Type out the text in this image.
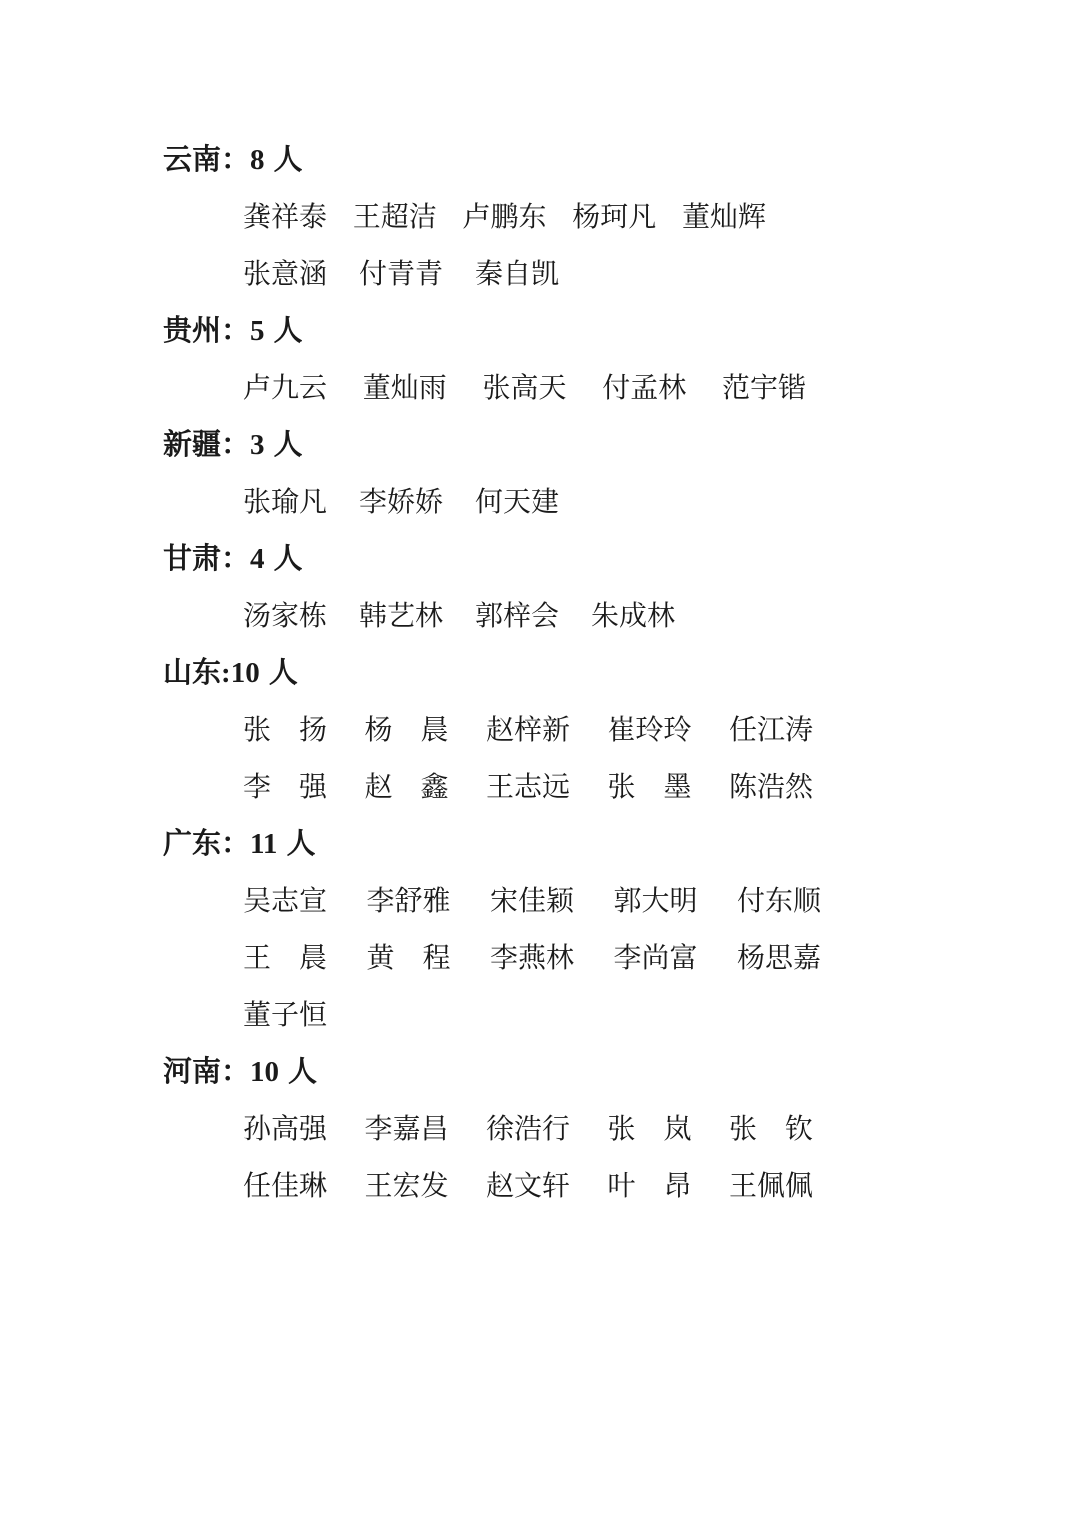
云南：8 人
龚祥泰 王超洁 卢鹏东 杨珂凡 董灿辉
张意涵 付青青 秦自凯
贵州：5 人
卢九云 董灿雨 张高天 付孟林 范宇锴
新疆：3 人
张瑜凡 李娇娇 何天建
甘肃：4 人
汤家栋 韩艺林 郭梓会 朱成林
山东:10 人
张　扬 杨　晨 赵梓新 崔玲玲 任江涛
李　强 赵　鑫 王志远 张　墨 陈浩然
广东：11 人
吴志宣 李舒雅 宋佳颖 郭大明 付东顺
王　晨 黄　程 李燕林 李尚富 杨思嘉
董子恒
河南：10 人
孙高强 李嘉昌 徐浩行 张　岚 张　钦
任佳琳 王宏发 赵文轩 叶　昂 王佩佩
